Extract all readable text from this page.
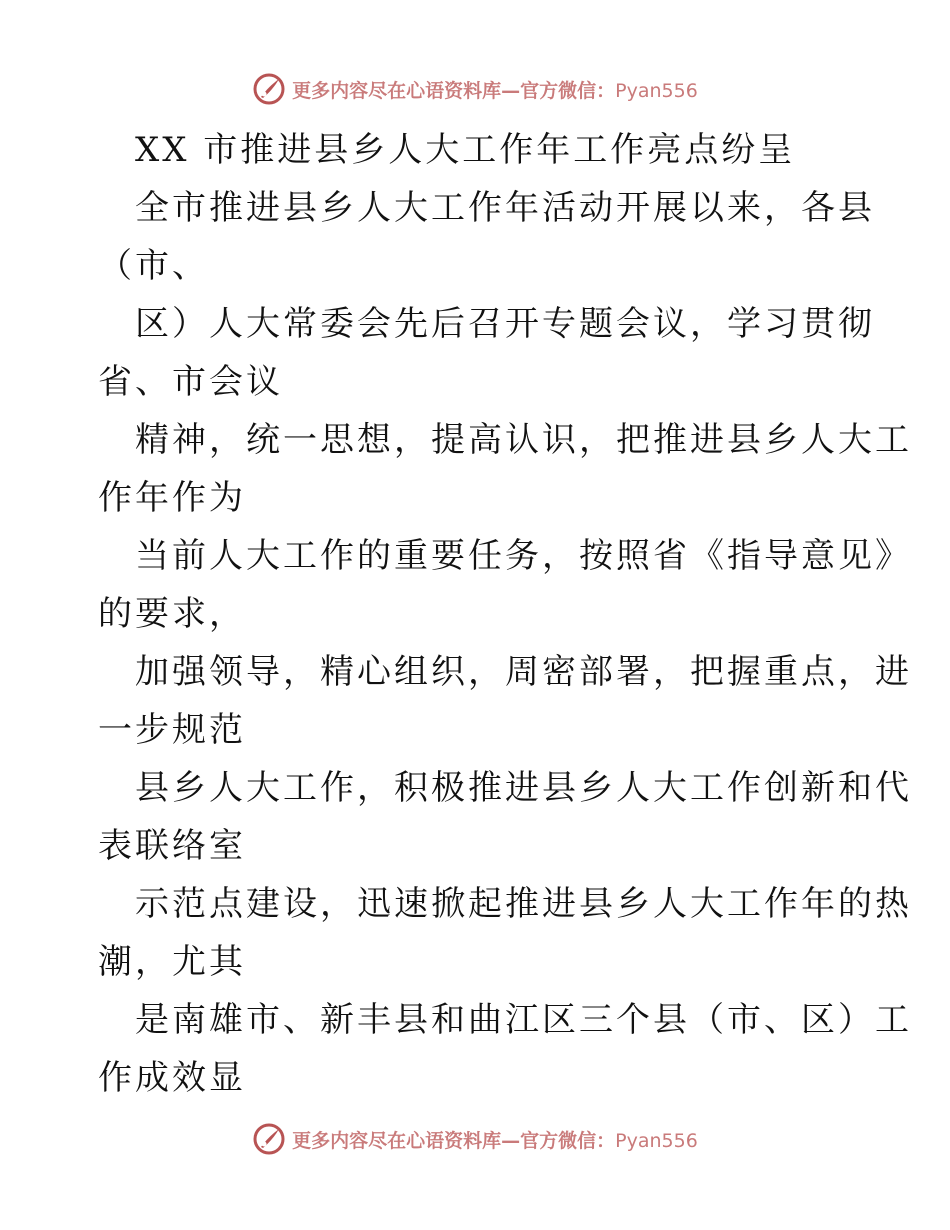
更多内容尽在心语资料库—官方微信：Pyan556
XX 市推进县乡人大工作年工作亮点纷呈
全市推进县乡人大工作年活动开展以来，各县
（市、
区）人大常委会先后召开专题会议，学习贯彻
省、市会议
精神，统一思想，提高认识，把推进县乡人大工
作年作为
当前人大工作的重要任务，按照省《指导意见》
的要求，
加强领导，精心组织，周密部署，把握重点，进
一步规范
县乡人大工作，积极推进县乡人大工作创新和代
表联络室
示范点建设，迅速掀起推进县乡人大工作年的热
潮，尤其
是南雄市、新丰县和曲江区三个县（市、区）工
作成效显
更多内容尽在心语资料库—官方微信：Pyan556
